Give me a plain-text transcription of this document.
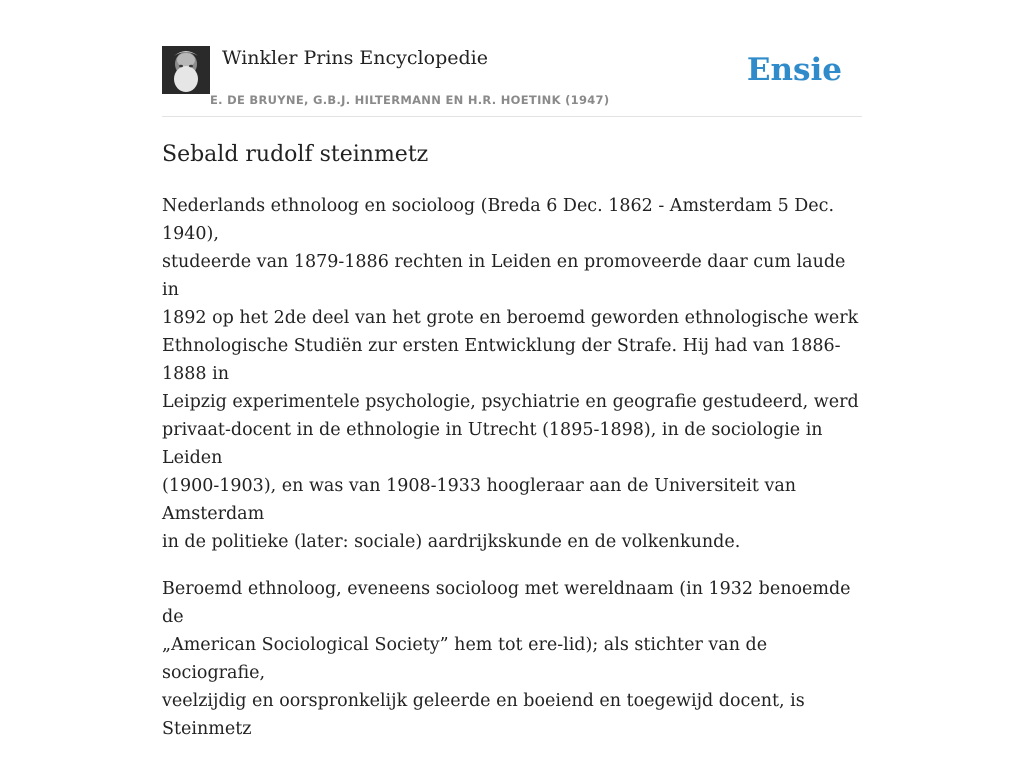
Winkler Prins Encyclopedie
E. DE BRUYNE, G.B.J. HILTERMANN EN H.R. HOETINK (1947)
Ensie
Sebald rudolf steinmetz

Nederlands ethnoloog en socioloog (Breda 6 Dec. 1862 - Amsterdam 5 Dec. 1940),
studeerde van 1879-1886 rechten in Leiden en promoveerde daar cum laude in
1892 op het 2de deel van het grote en beroemd geworden ethnologische werk
Ethnologische Studiën zur ersten Entwicklung der Strafe. Hij had van 1886-1888 in
Leipzig experimentele psychologie, psychiatrie en geografie gestudeerd, werd
privaat-docent in de ethnologie in Utrecht (1895-1898), in de sociologie in Leiden
(1900-1903), en was van 1908-1933 hoogleraar aan de Universiteit van Amsterdam
in de politieke (later: sociale) aardrijkskunde en de volkenkunde.

Beroemd ethnoloog, eveneens socioloog met wereldnaam (in 1932 benoemde de
„American Sociological Society” hem tot ere-lid); als stichter van de sociografie,
veelzijdig en oorspronkelijk geleerde en boeiend en toegewijd docent, is Steinmetz
